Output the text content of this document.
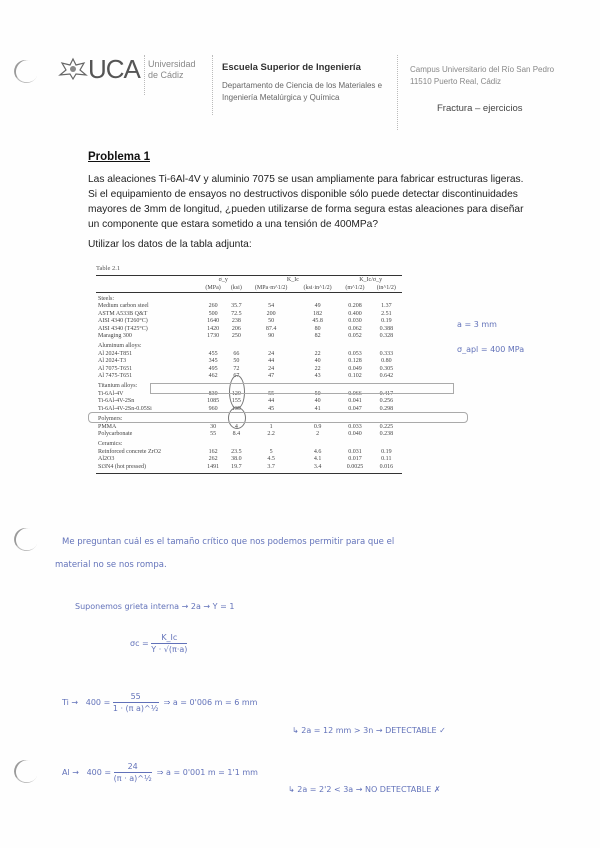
UCA Universidad
de Cádiz
Escuela Superior de Ingeniería
Departamento de Ciencia de los Materiales e
Ingeniería Metalúrgica y Química
Campus Universitario del Río San Pedro
11510 Puerto Real, Cádiz
Fractura – ejercicios
Problema 1
Las aleaciones Ti-6Al-4V y aluminio 7075 se usan ampliamente para fabricar estructuras ligeras. Si el equipamiento de ensayos no destructivos disponible sólo puede detectar discontinuidades mayores de 3mm de longitud, ¿pueden utilizarse de forma segura estas aleaciones para diseñar un componente que estara sometido a una tensión de 400MPa?
Utilizar los datos de la tabla adjunta:
Table 2.1
	σ_y		K_Ic		K_Ic/σ_y	
	(MPa)	(ksi)	(MPa·m^1/2)	(ksi·in^1/2)	(m^1/2)	(in^1/2)
Steels:						
Medium carbon steel	260	35.7	54	49	0.208	1.37
ASTM A533B Q&T	500	72.5	200	182	0.400	2.51
AISI 4340 (T260°C)	1640	238	50	45.8	0.030	0.19
AISI 4340 (T425°C)	1420	206	87.4	80	0.062	0.388
Maraging 300	1730	250	90	82	0.052	0.328
Aluminum alloys:						
Al 2024-T851	455	66	24	22	0.053	0.333
Al 2024-T3	345	50	44	40	0.128	0.80
Al 7075-T651	495	72	24	22	0.049	0.305
Al 7475-T651	462	67	47	43	0.102	0.642
Titanium alloys:						
Ti-6Al-4V	830	120	55	50	0.066	0.417
Ti-6Al-4V-2Sn	1085	155	44	40	0.041	0.256
Ti-6Al-4V-2Sn-0.05Si	960	139	45	41	0.047	0.298
Polymers:						
PMMA	30	4	1	0.9	0.033	0.225
Polycarbonate	55	8.4	2.2	2	0.040	0.238
Ceramics:						
Reinforced concrete ZrO2	162	23.5	5	4.6	0.031	0.19
Al2O3	262	38.0	4.5	4.1	0.017	0.11
Si3N4 (hot pressed)	1491	19.7	3.7	3.4	0.0025	0.016

a = 3 mm
σ_apl = 400 MPa
Me preguntan cuál es el tamaño crítico que nos podemos permitir para que el
material no se nos rompa.
Suponemos grieta interna → 2a → Y = 1
$\sigma c = \frac{K\_Ic}{Y \cdot √(\pi\cdot a)}$
$Ti \to 400 = \frac{55}{\text{1 · (π a)\textasciicircum{}½}}$ ⇒ a = 0'006 m = 6 mm
↳ 2a = 12 mm > 3n → DETECTABLE ✓
$Al \to 400 = \frac{24}{\text{(π · a)\textasciicircum{}½}}$ ⇒ a = 0'001 m = 1'1 mm
↳ 2a = 2'2 < 3a → NO DETECTABLE ✗
